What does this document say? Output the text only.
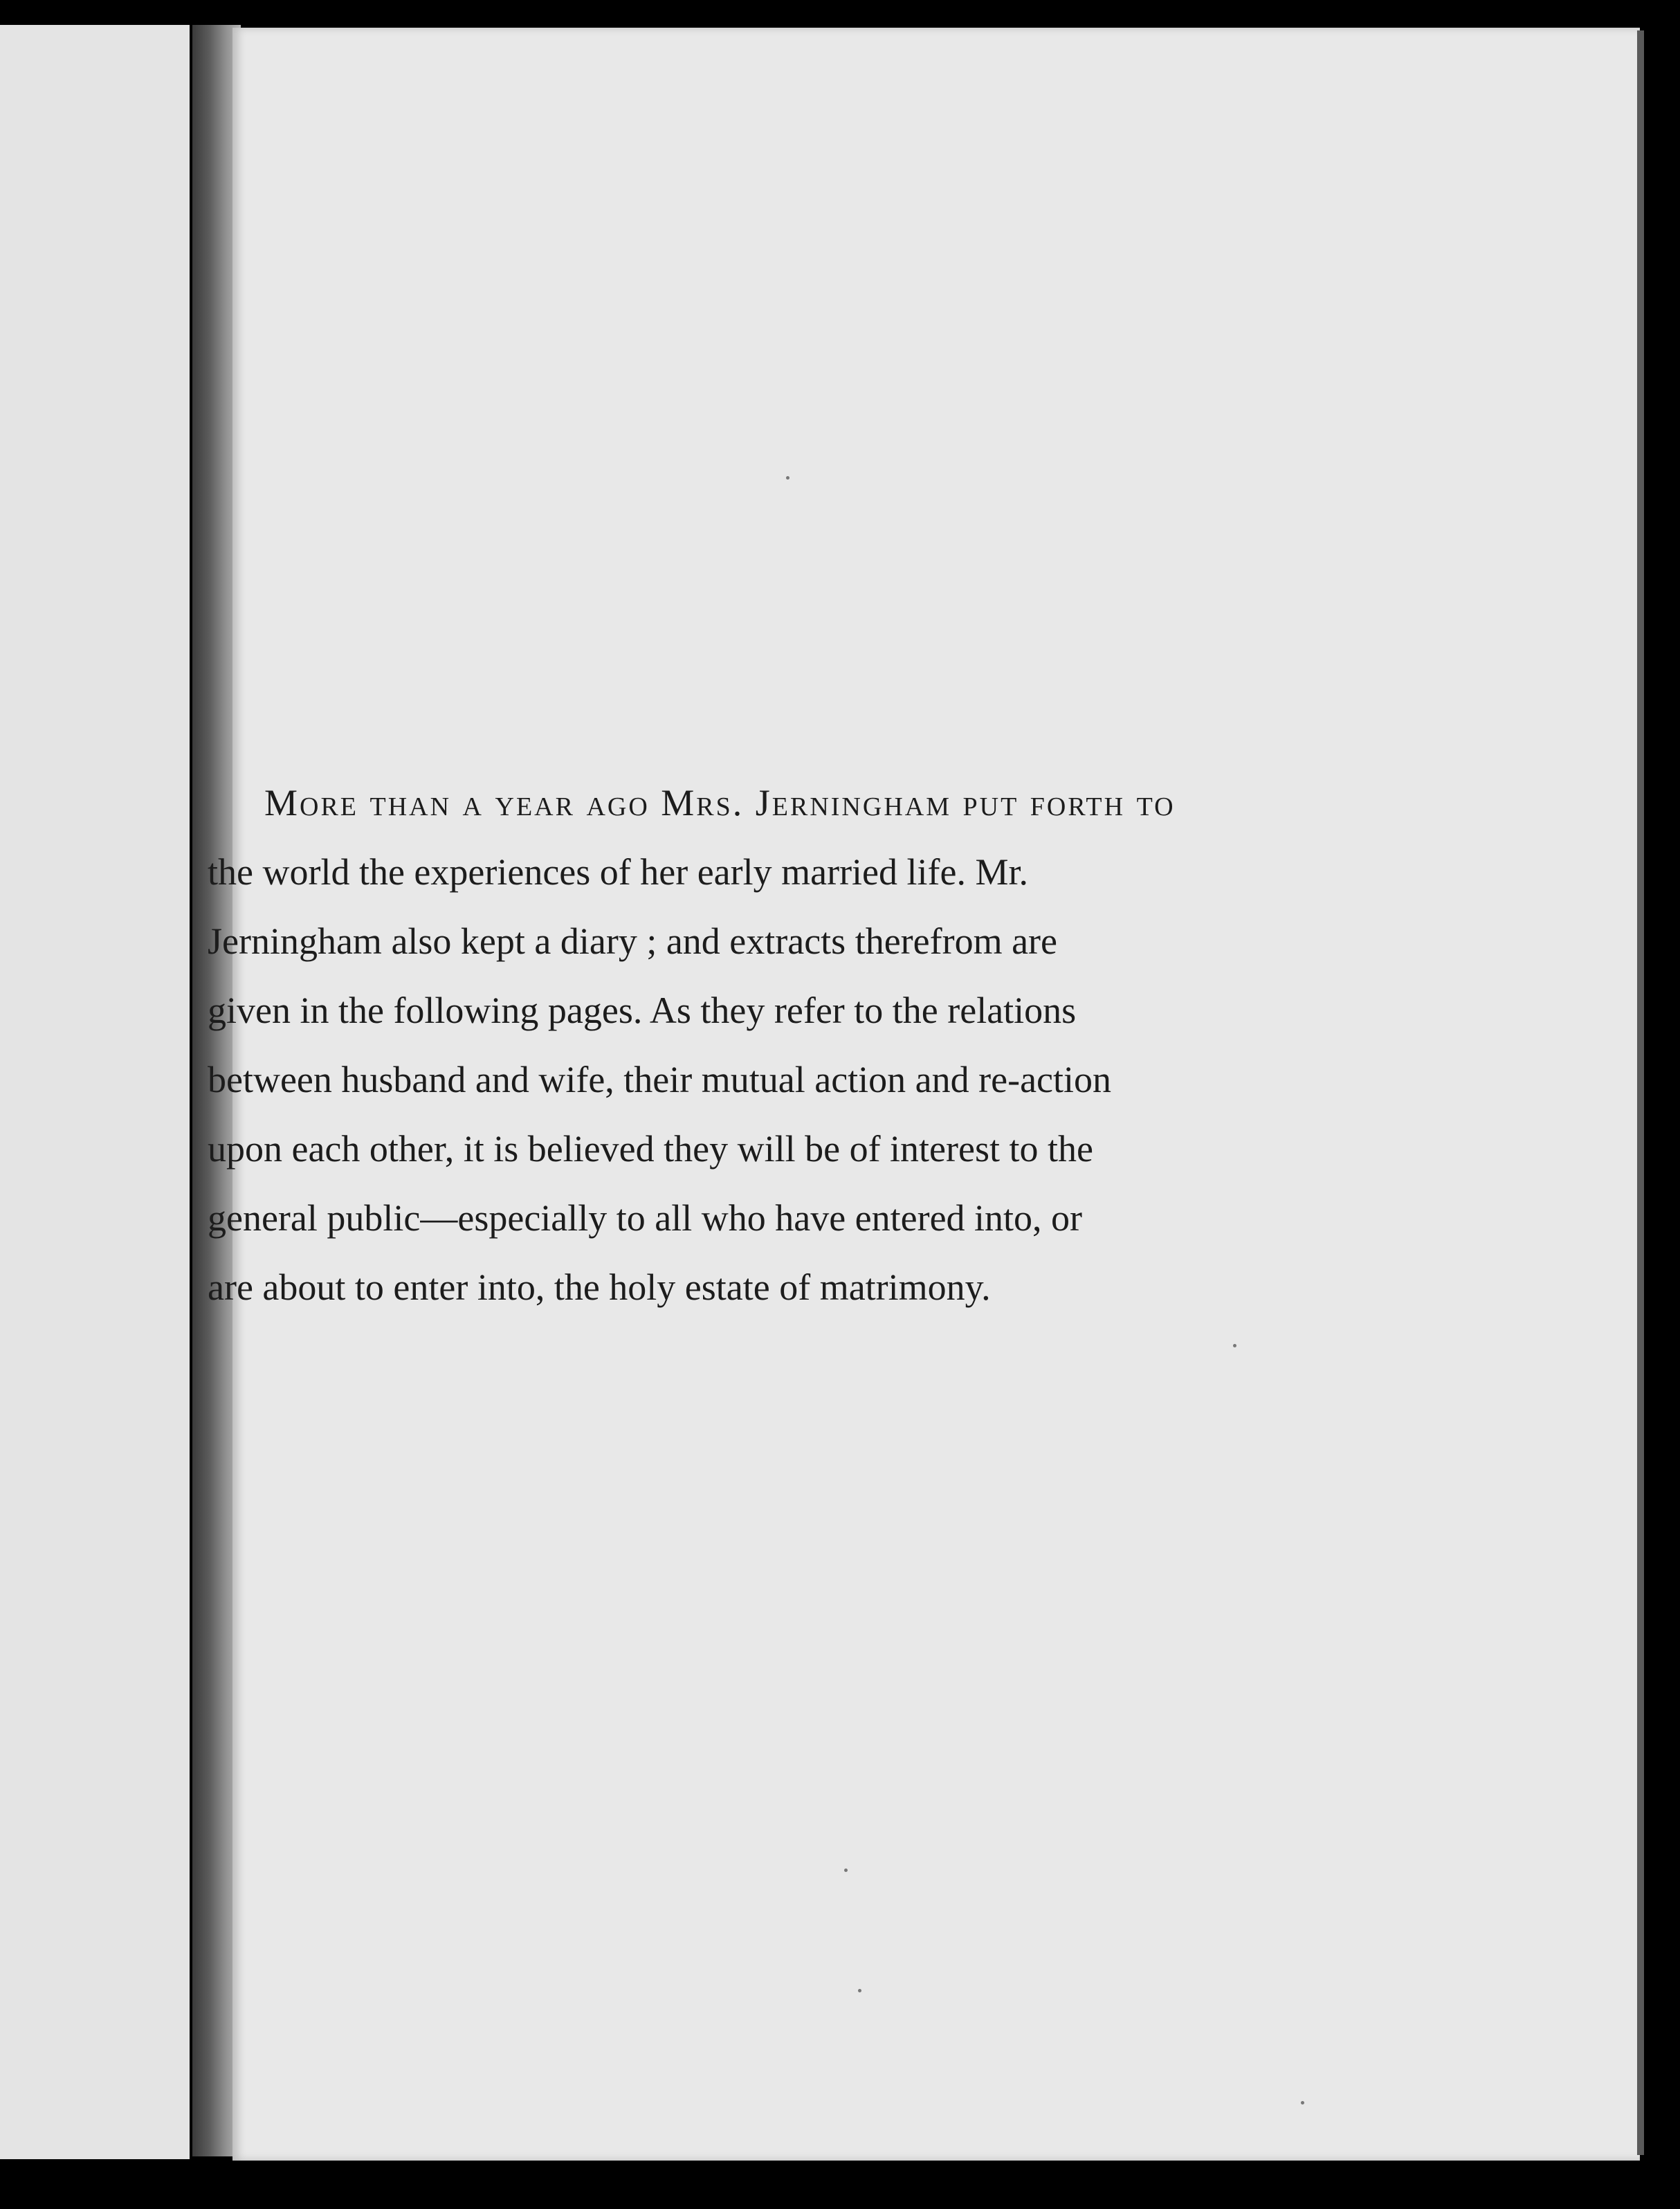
More than a year ago Mrs. Jerningham put forth to
the world the experiences of her early married life. Mr.
Jerningham also kept a diary ; and extracts therefrom are
given in the following pages. As they refer to the relations
between husband and wife, their mutual action and re-action
upon each other, it is believed they will be of interest to the
general public—especially to all who have entered into, or
are about to enter into, the holy estate of matrimony.
